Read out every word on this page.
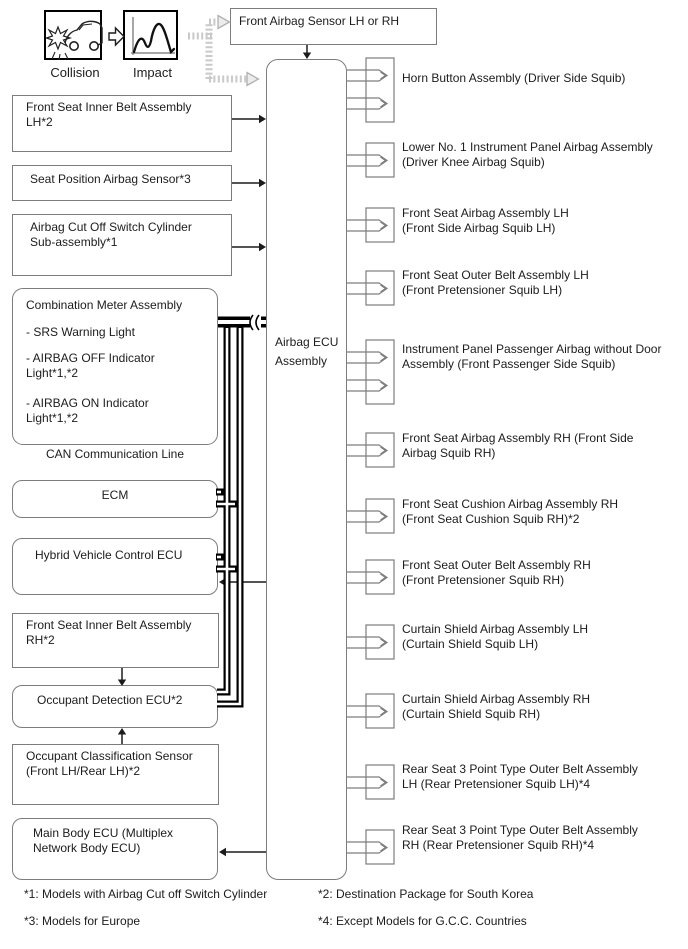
Collision	Impact
Front Airbag Sensor LH or RH
Airbag ECU Assembly
Front Seat Inner Belt Assembly LH*2
Seat Position Airbag Sensor*3
Airbag Cut Off Switch Cylinder Sub-assembly*1
Combination Meter Assembly
- SRS Warning Light
- AIRBAG OFF Indicator Light*1,*2
- AIRBAG ON Indicator Light*1,*2
CAN Communication Line
ECM
Hybrid Vehicle Control ECU
Front Seat Inner Belt Assembly RH*2
Occupant Detection ECU*2
Occupant Classification Sensor (Front LH/Rear LH)*2
Main Body ECU (Multiplex Network Body ECU)
Horn Button Assembly (Driver Side Squib)
Lower No. 1 Instrument Panel Airbag Assembly (Driver Knee Airbag Squib)
Front Seat Airbag Assembly LH (Front Side Airbag Squib LH)
Front Seat Outer Belt Assembly LH (Front Pretensioner Squib LH)
Instrument Panel Passenger Airbag without Door Assembly (Front Passenger Side Squib)
Front Seat Airbag Assembly RH (Front Side Airbag Squib RH)
Front Seat Cushion Airbag Assembly RH (Front Seat Cushion Squib RH)*2
Front Seat Outer Belt Assembly RH (Front Pretensioner Squib RH)
Curtain Shield Airbag Assembly LH (Curtain Shield Squib LH)
Curtain Shield Airbag Assembly RH (Curtain Shield Squib RH)
Rear Seat 3 Point Type Outer Belt Assembly LH (Rear Pretensioner Squib LH)*4
Rear Seat 3 Point Type Outer Belt Assembly RH (Rear Pretensioner Squib RH)*4
*1: Models with Airbag Cut off Switch Cylinder	*2: Destination Package for South Korea
*3: Models for Europe	*4: Except Models for G.C.C. Countries
